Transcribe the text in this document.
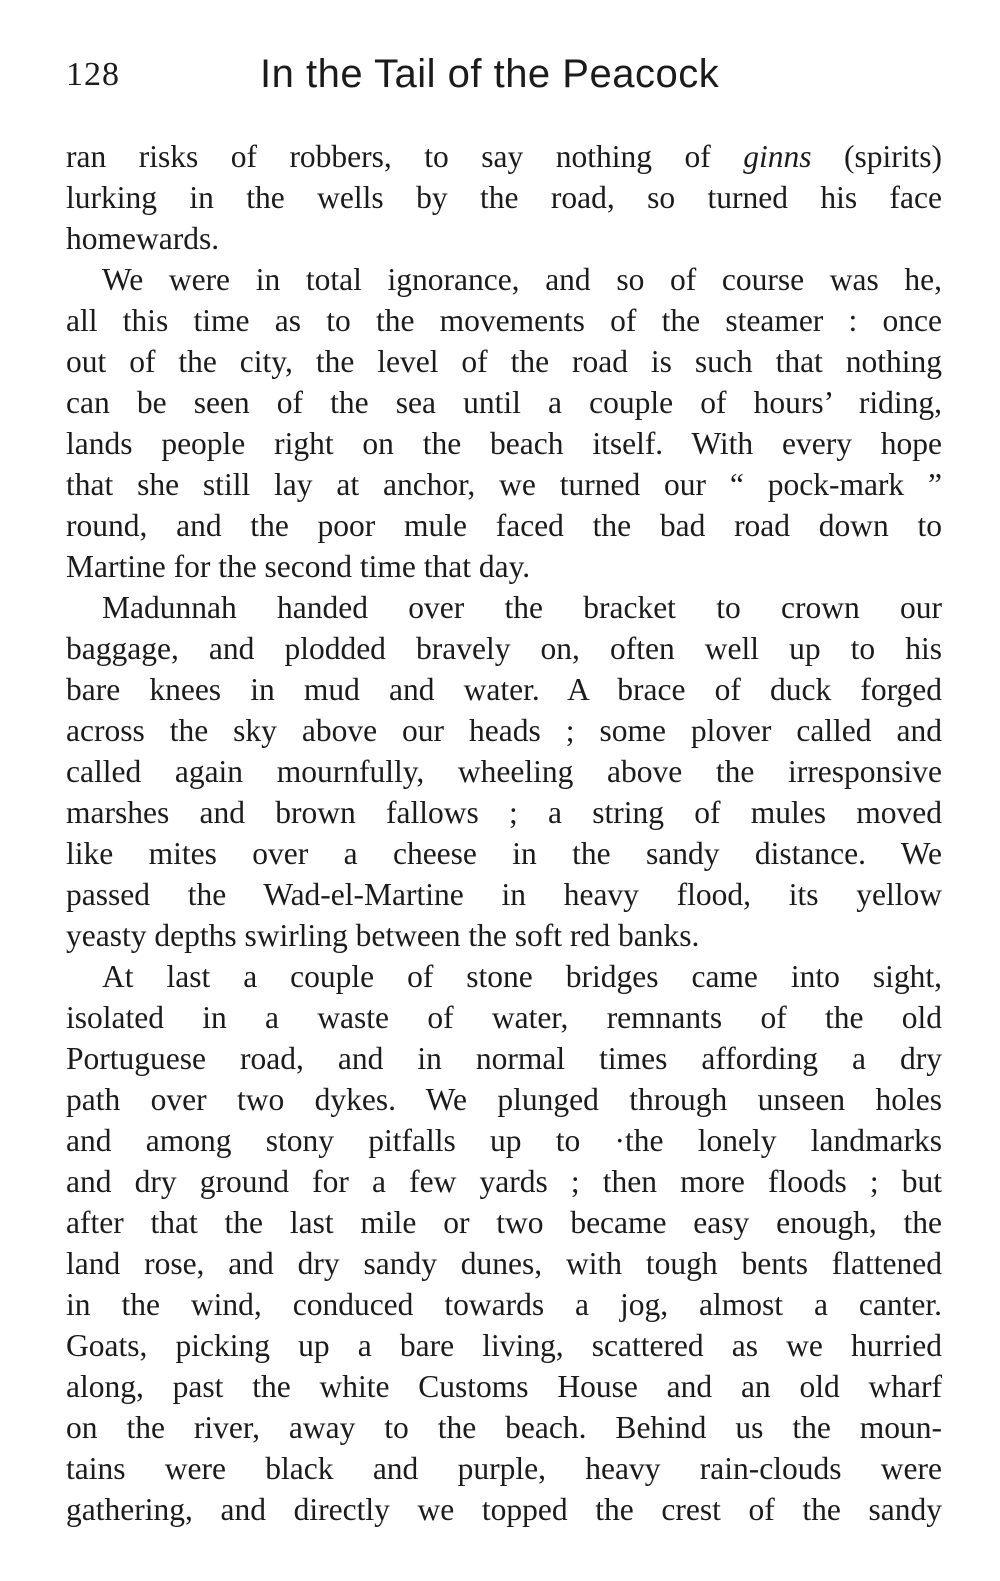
128	In the Tail of the Peacock
ran risks of robbers, to say nothing of ginns (spirits)
lurking in the wells by the road, so turned his face
homewards.
We were in total ignorance, and so of course was he,
all this time as to the movements of the steamer : once
out of the city, the level of the road is such that nothing
can be seen of the sea until a couple of hours’ riding,
lands people right on the beach itself. With every hope
that she still lay at anchor, we turned our “ pock-mark ”
round, and the poor mule faced the bad road down to
Martine for the second time that day.
Madunnah handed over the bracket to crown our
baggage, and plodded bravely on, often well up to his
bare knees in mud and water. A brace of duck forged
across the sky above our heads ; some plover called and
called again mournfully, wheeling above the irresponsive
marshes and brown fallows ; a string of mules moved
like mites over a cheese in the sandy distance. We
passed the Wad-el-Martine in heavy flood, its yellow
yeasty depths swirling between the soft red banks.
At last a couple of stone bridges came into sight,
isolated in a waste of water, remnants of the old
Portuguese road, and in normal times affording a dry
path over two dykes. We plunged through unseen holes
and among stony pitfalls up to ·the lonely landmarks
and dry ground for a few yards ; then more floods ; but
after that the last mile or two became easy enough, the
land rose, and dry sandy dunes, with tough bents flattened
in the wind, conduced towards a jog, almost a canter.
Goats, picking up a bare living, scattered as we hurried
along, past the white Customs House and an old wharf
on the river, away to the beach. Behind us the moun-
tains were black and purple, heavy rain-clouds were
gathering, and directly we topped the crest of the sandy
